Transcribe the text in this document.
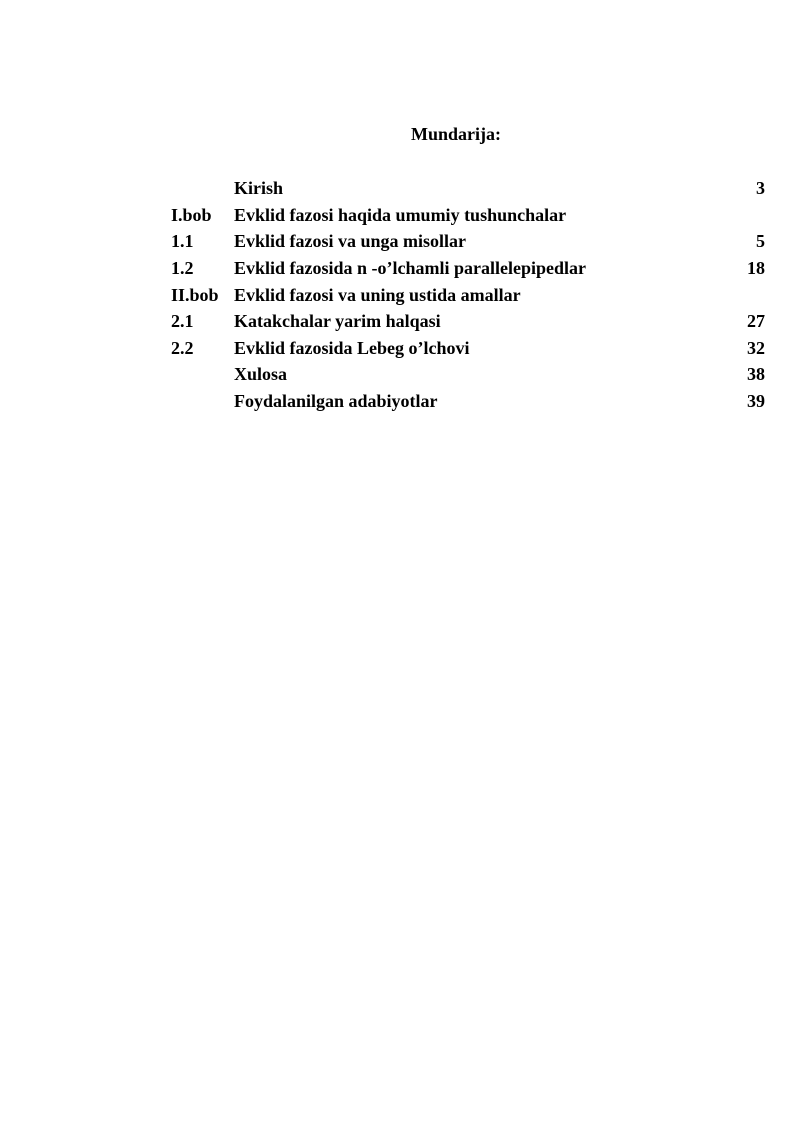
Mundarija:
	Kirish	3
I.bob	Evklid fazosi haqida umumiy tushunchalar	
1.1	Evklid fazosi va unga misollar	5
1.2	Evklid fazosida n -o’lchamli parallelepipedlar	18
II.bob	Evklid fazosi va uning ustida amallar	
2.1	Katakchalar yarim halqasi	27
2.2	Evklid fazosida Lebeg o’lchovi	32
	Xulosa	38
	Foydalanilgan adabiyotlar	39
